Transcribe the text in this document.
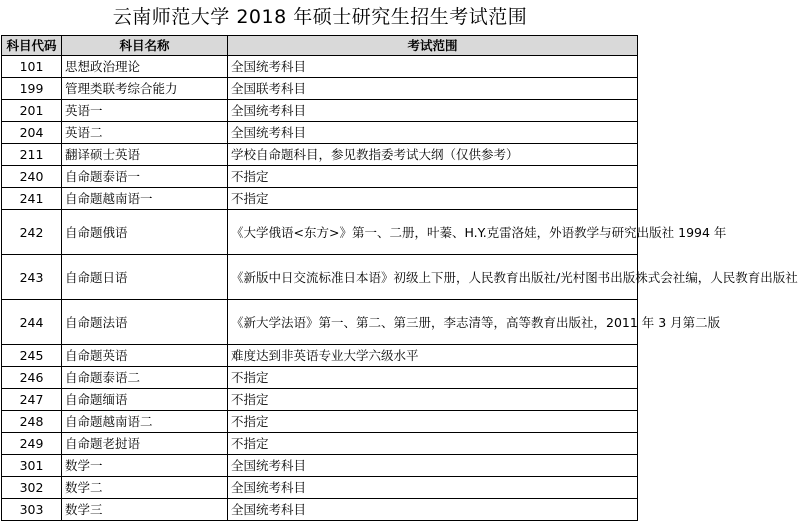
云南师范大学 2018 年硕士研究生招生考试范围
科目代码	科目名称	考试范围
101	思想政治理论	全国统考科目
199	管理类联考综合能力	全国联考科目
201	英语一	全国统考科目
204	英语二	全国统考科目
211	翻译硕士英语	学校自命题科目，参见教指委考试大纲（仅供参考）
240	自命题泰语一	不指定
241	自命题越南语一	不指定
242	自命题俄语	《大学俄语<东方>》第一、二册，叶蓁、H.Y.克雷洛娃，外语教学与研究出版社 1994 年
243	自命题日语	《新版中日交流标准日本语》初级上下册，人民教育出版社/光村图书出版株式会社编，人民教育出版社
244	自命题法语	《新大学法语》第一、第二、第三册，李志清等，高等教育出版社，2011 年 3 月第二版
245	自命题英语	难度达到非英语专业大学六级水平
246	自命题泰语二	不指定
247	自命题缅语	不指定
248	自命题越南语二	不指定
249	自命题老挝语	不指定
301	数学一	全国统考科目
302	数学二	全国统考科目
303	数学三	全国统考科目
